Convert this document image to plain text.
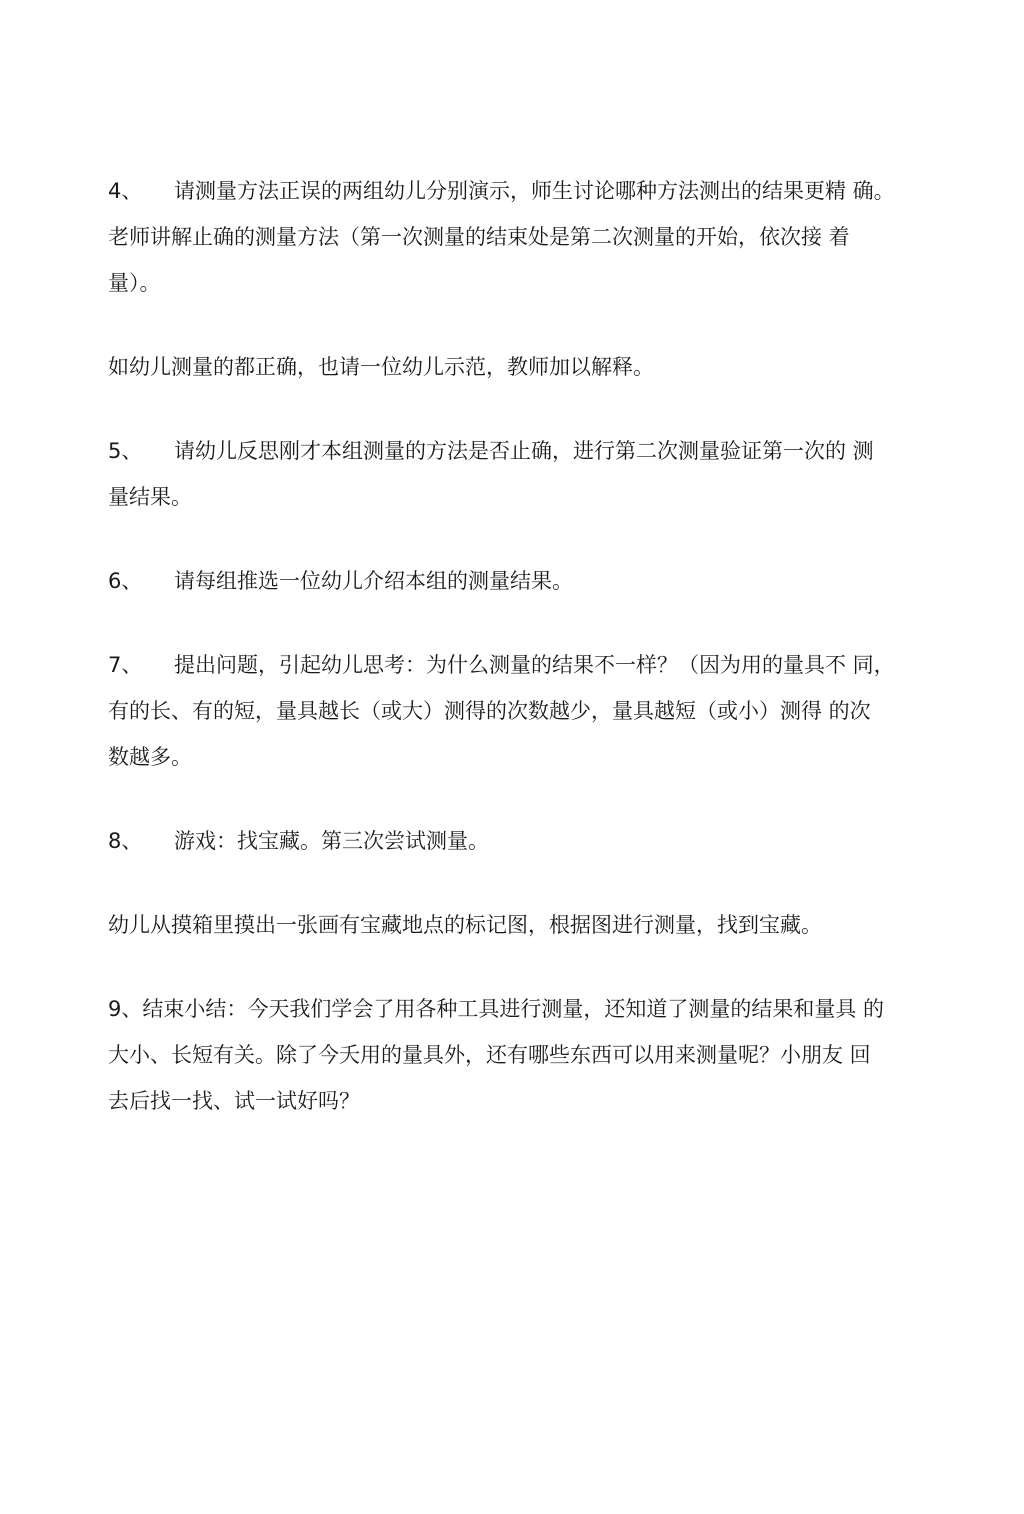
4、 请测量方法正误的两组幼儿分别演示，师生讨论哪种方法测出的结果更精 确。
老师讲解止确的测量方法（第一次测量的结束处是第二次测量的开始，依次接 着
量）。
如幼儿测量的都正确，也请一位幼儿示范，教师加以解释。
5、 请幼儿反思刚才本组测量的方法是否止确，进行第二次测量验证第一次的 测
量结果。
6、 请每组推选一位幼儿介绍本组的测量结果。
7、 提出问题，引起幼儿思考：为什么测量的结果不一样？（因为用的量具不 同，
有的长、有的短，量具越长（或大）测得的次数越少，量具越短（或小）测得 的次
数越多。
8、 游戏：找宝藏。第三次尝试测量。
幼儿从摸箱里摸出一张画有宝藏地点的标记图，根据图进行测量，找到宝藏。
9、结束小结：今天我们学会了用各种工具进行测量，还知道了测量的结果和量具 的
大小、长短有关。除了今夭用的量具外，还有哪些东西可以用来测量呢？小朋友 回
去后找一找、试一试好吗？
